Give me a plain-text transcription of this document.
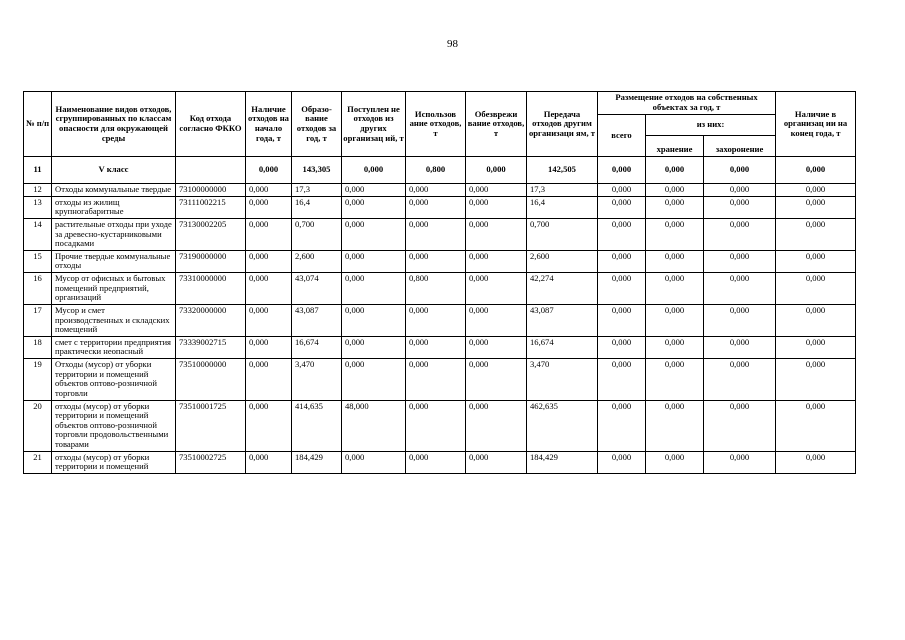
98
№ п/п	Наименование видов отходов, сгруппированных по классам опасности для окружающей среды	Код отхода согласно ФККО	Наличие отходов на начало года, т	Образо-вание отходов за год, т	Поступлен не отходов из других организац ий, т	Использов ание отходов, т	Обезврежи вание отходов, т	Передача отходов другим организаци ям, т	Размещение отходов на собственных объектах за год, т			Наличие в организац ии на конец года, т
									всего	из них:		
										хранение	захоронение	
11	V класс		0,000	143,305	0,000	0,800	0,000	142,505	0,000	0,000	0,000	0,000
12	Отходы коммунальные твердые	73100000000	0,000	17,3	0,000	0,000	0,000	17,3	0,000	0,000	0,000	0,000
13	отходы из жилищ крупногабаритные	73111002215	0,000	16,4	0,000	0,000	0,000	16,4	0,000	0,000	0,000	0,000
14	растительные отходы при уходе за древесно-кустарниковыми посадками	73130002205	0,000	0,700	0,000	0,000	0,000	0,700	0,000	0,000	0,000	0,000
15	Прочие твердые коммунальные отходы	73190000000	0,000	2,600	0,000	0,000	0,000	2,600	0,000	0,000	0,000	0,000
16	Мусор от офисных и бытовых помещений предприятий, организаций	73310000000	0,000	43,074	0,000	0,800	0,000	42,274	0,000	0,000	0,000	0,000
17	Мусор и смет производственных и складских помещений	73320000000	0,000	43,087	0,000	0,000	0,000	43,087	0,000	0,000	0,000	0,000
18	смет с территории предприятия практически неопасный	73339002715	0,000	16,674	0,000	0,000	0,000	16,674	0,000	0,000	0,000	0,000
19	Отходы (мусор) от уборки территории и помещений объектов оптово-розничной торговли	73510000000	0,000	3,470	0,000	0,000	0,000	3,470	0,000	0,000	0,000	0,000
20	отходы (мусор) от уборки территории и помещений объектов оптово-розничной торговли продовольственными товарами	73510001725	0,000	414,635	48,000	0,000	0,000	462,635	0,000	0,000	0,000	0,000
21	отходы (мусор) от уборки территории и помещений	73510002725	0,000	184,429	0,000	0,000	0,000	184,429	0,000	0,000	0,000	0,000
